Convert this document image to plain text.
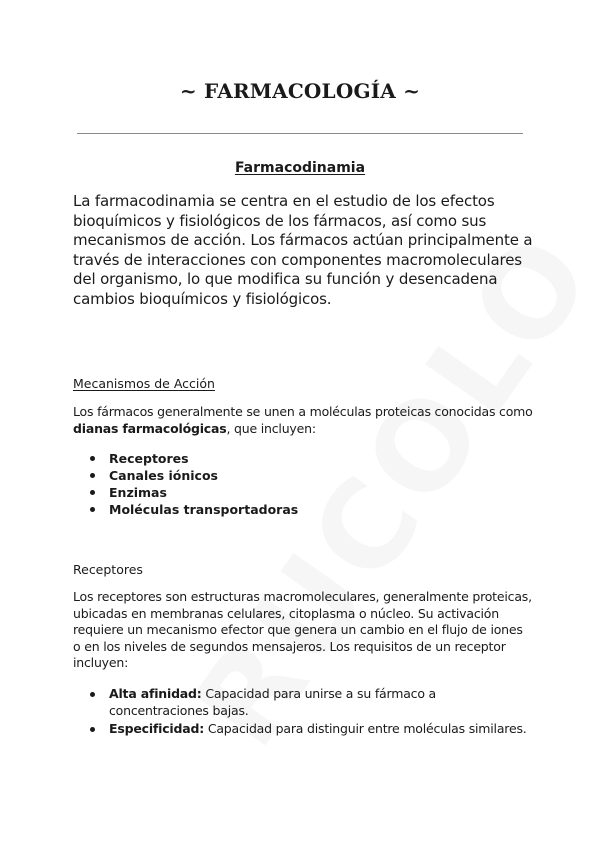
~ FARMACOLOGÍA ~
Farmacodinamia

La farmacodinamia se centra en el estudio de los efectos bioquímicos y fisiológicos de los fármacos, así como sus mecanismos de acción. Los fármacos actúan principalmente a través de interacciones con componentes macromoleculares del organismo, lo que modifica su función y desencadena cambios bioquímicos y fisiológicos.

Mecanismos de Acción

Los fármacos generalmente se unen a moléculas proteicas conocidas como dianas farmacológicas, que incluyen:

Receptores
Canales iónicos
Enzimas
Moléculas transportadoras

Receptores

Los receptores son estructuras macromoleculares, generalmente proteicas, ubicadas en membranas celulares, citoplasma o núcleo. Su activación requiere un mecanismo efector que genera un cambio en el flujo de iones o en los niveles de segundos mensajeros. Los requisitos de un receptor incluyen:

Alta afinidad: Capacidad para unirse a su fármaco a concentraciones bajas.
Especificidad: Capacidad para distinguir entre moléculas similares.
